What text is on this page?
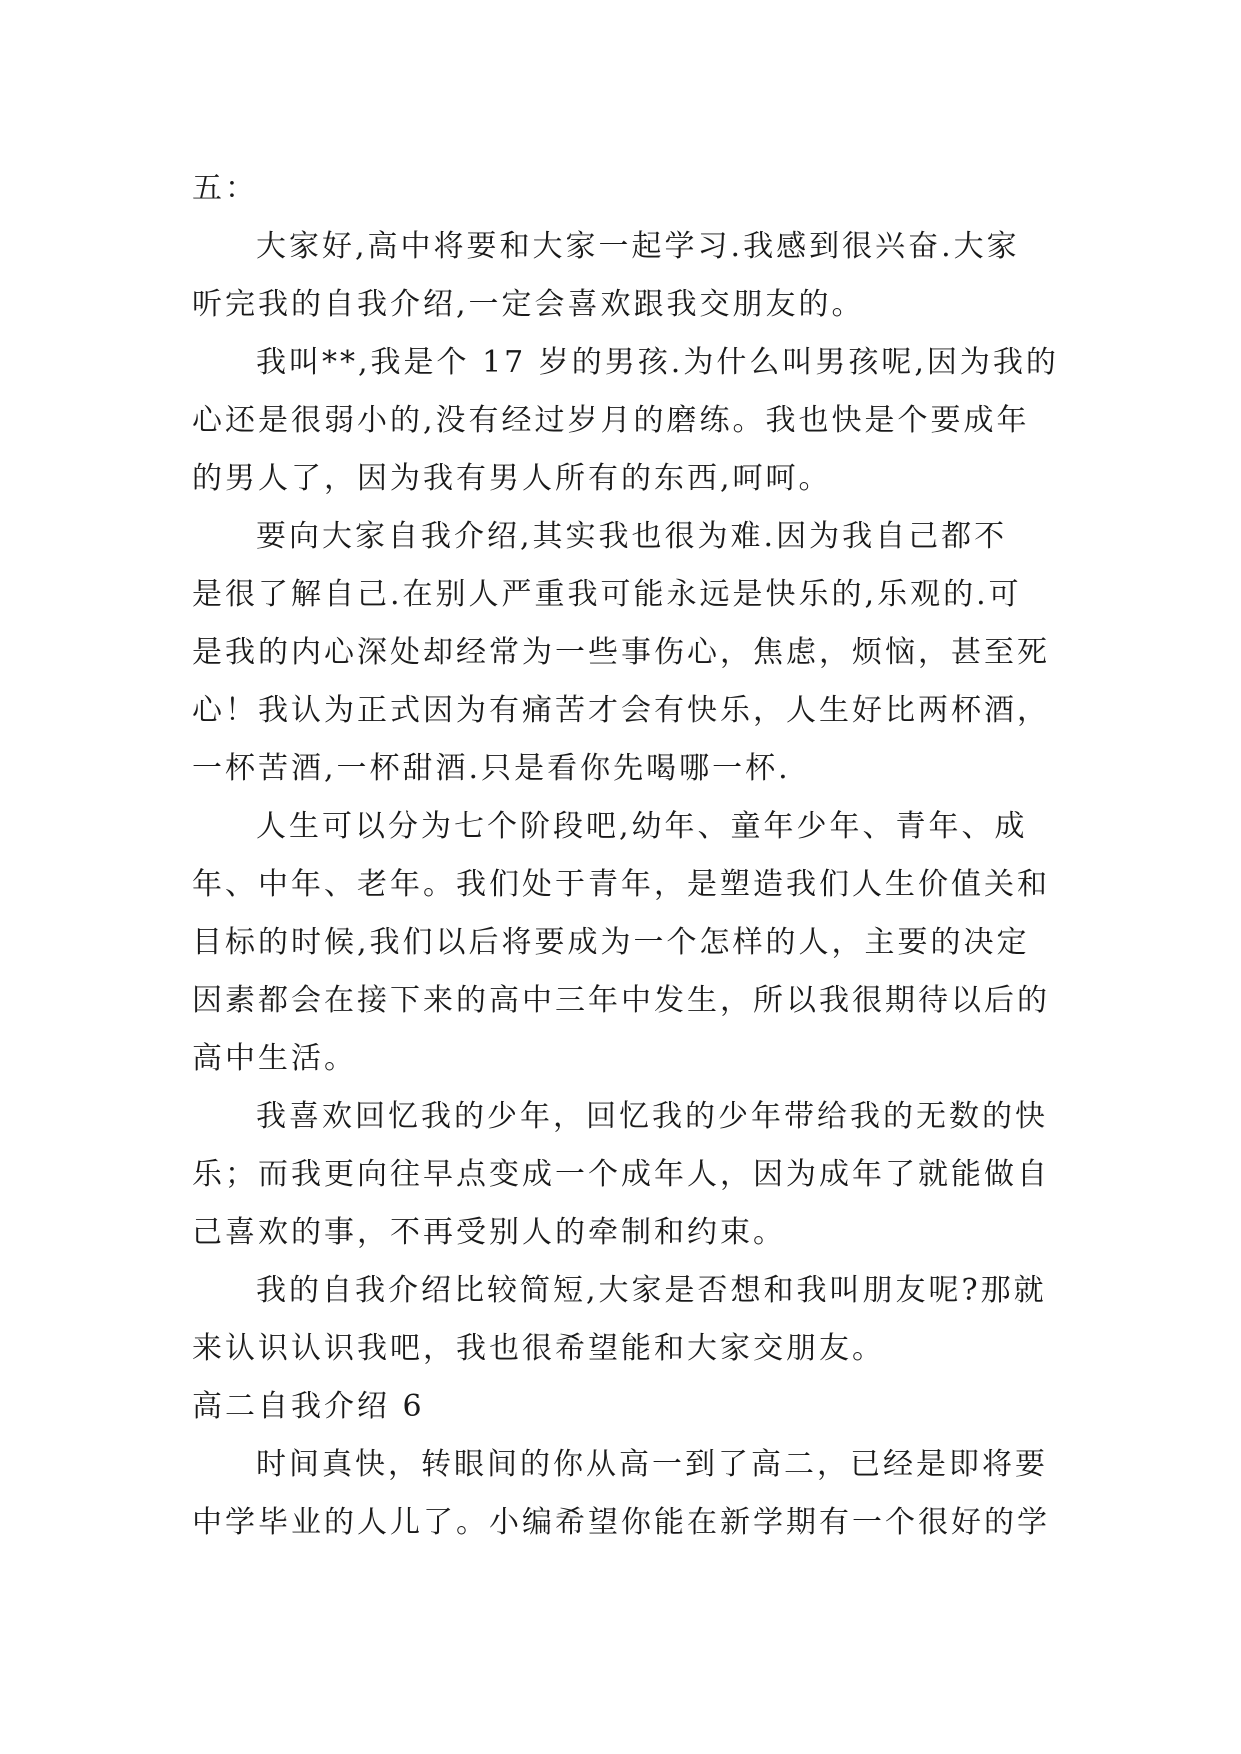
五：
大家好,高中将要和大家一起学习.我感到很兴奋.大家
听完我的自我介绍,一定会喜欢跟我交朋友的。
我叫**,我是个 17 岁的男孩.为什么叫男孩呢,因为我的
心还是很弱小的,没有经过岁月的磨练。我也快是个要成年
的男人了，因为我有男人所有的东西,呵呵。
要向大家自我介绍,其实我也很为难.因为我自己都不
是很了解自己.在别人严重我可能永远是快乐的,乐观的.可
是我的内心深处却经常为一些事伤心，焦虑，烦恼，甚至死
心！我认为正式因为有痛苦才会有快乐，人生好比两杯酒，
一杯苦酒,一杯甜酒.只是看你先喝哪一杯.
人生可以分为七个阶段吧,幼年、童年少年、青年、成
年、中年、老年。我们处于青年，是塑造我们人生价值关和
目标的时候,我们以后将要成为一个怎样的人，主要的决定
因素都会在接下来的高中三年中发生，所以我很期待以后的
高中生活。
我喜欢回忆我的少年，回忆我的少年带给我的无数的快
乐；而我更向往早点变成一个成年人，因为成年了就能做自
己喜欢的事，不再受别人的牵制和约束。
我的自我介绍比较简短,大家是否想和我叫朋友呢?那就
来认识认识我吧，我也很希望能和大家交朋友。
高二自我介绍 6
时间真快，转眼间的你从高一到了高二，已经是即将要
中学毕业的人儿了。小编希望你能在新学期有一个很好的学
